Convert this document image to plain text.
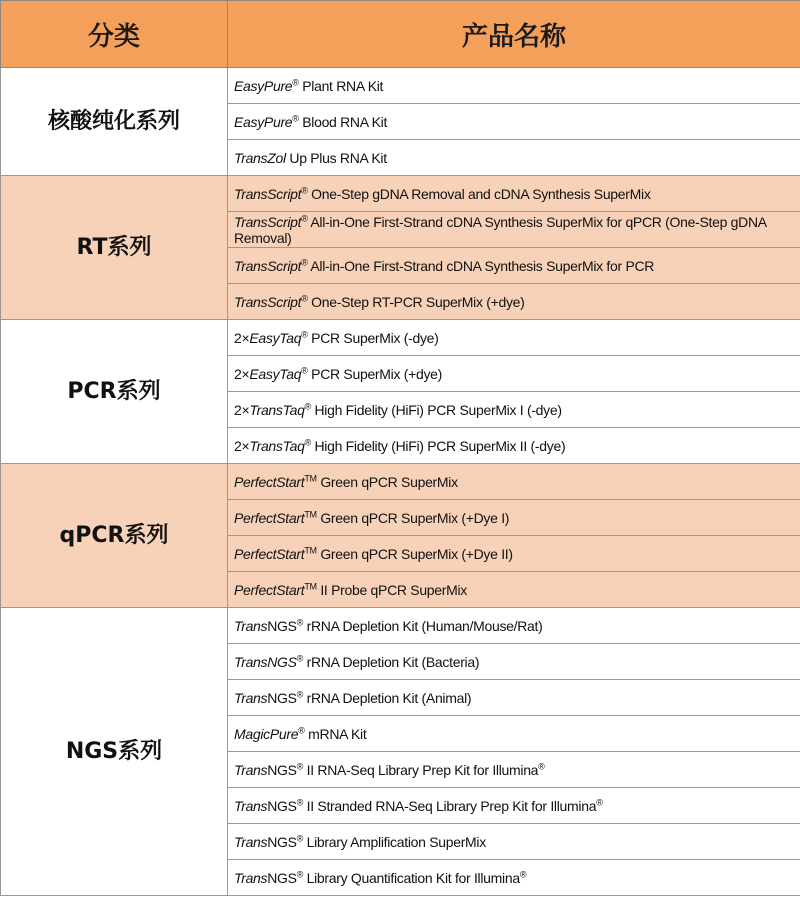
分类	产品名称
核酸纯化系列	EasyPure® Plant RNA Kit
	EasyPure® Blood RNA Kit
	TransZol Up Plus RNA Kit
RT系列	TransScript® One-Step gDNA Removal and cDNA Synthesis SuperMix
	TransScript® All-in-One First-Strand cDNA Synthesis SuperMix for qPCR (One-Step gDNA Removal)
	TransScript® All-in-One First-Strand cDNA Synthesis SuperMix for PCR
	TransScript® One-Step RT-PCR SuperMix (+dye)
PCR系列	2×EasyTaq® PCR SuperMix (-dye)
	2×EasyTaq® PCR SuperMix (+dye)
	2×TransTaq® High Fidelity (HiFi) PCR SuperMix I (-dye)
	2×TransTaq® High Fidelity (HiFi) PCR SuperMix II (-dye)
qPCR系列	PerfectStart™ Green qPCR SuperMix
	PerfectStart™ Green qPCR SuperMix (+Dye I)
	PerfectStart™ Green qPCR SuperMix (+Dye II)
	PerfectStart™ II Probe qPCR SuperMix
NGS系列	TransNGS® rRNA Depletion Kit (Human/Mouse/Rat)
	TransNGS® rRNA Depletion Kit (Bacteria)
	TransNGS® rRNA Depletion Kit (Animal)
	MagicPure® mRNA Kit
	TransNGS® II RNA-Seq Library Prep Kit for Illumina®
	TransNGS® II Stranded RNA-Seq Library Prep Kit for Illumina®
	TransNGS® Library Amplification SuperMix
	TransNGS® Library Quantification Kit for Illumina®
